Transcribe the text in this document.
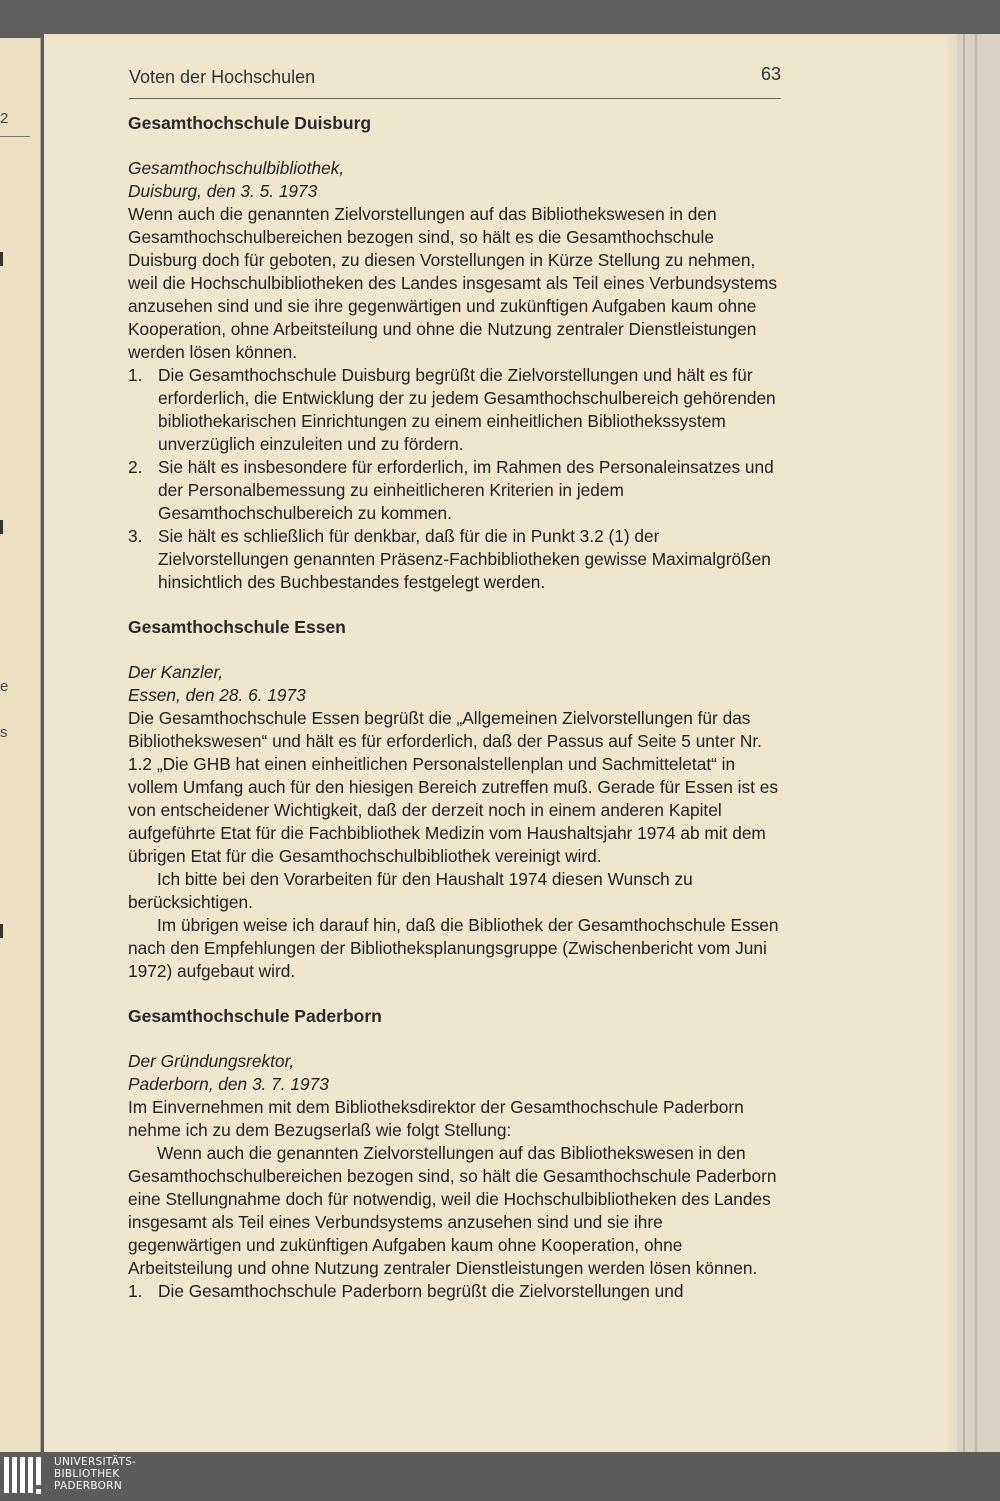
2
e
s
Voten der Hochschulen	63
Gesamthochschule Duisburg

Gesamthochschulbibliothek,

Duisburg, den 3. 5. 1973

Wenn auch die genannten Zielvorstellungen auf das Bibliothekswesen in den Gesamthochschulbereichen bezogen sind, so hält es die Gesamthochschule Duisburg doch für geboten, zu diesen Vorstellungen in Kürze Stellung zu nehmen, weil die Hochschulbibliotheken des Landes insgesamt als Teil eines Verbundsystems anzusehen sind und sie ihre gegenwärtigen und zukünftigen Aufgaben kaum ohne Kooperation, ohne Arbeitsteilung und ohne die Nutzung zentraler Dienstleistungen werden lösen können.

1. Die Gesamthochschule Duisburg begrüßt die Zielvorstellungen und hält es für erforderlich, die Entwicklung der zu jedem Gesamthochschulbereich gehörenden bibliothekarischen Einrichtungen zu einem einheitlichen Bibliothekssystem unverzüglich einzuleiten und zu fördern.
2. Sie hält es insbesondere für erforderlich, im Rahmen des Personaleinsatzes und der Personalbemessung zu einheitlicheren Kriterien in jedem Gesamthochschulbereich zu kommen.
3. Sie hält es schließlich für denkbar, daß für die in Punkt 3.2 (1) der Zielvorstellungen genannten Präsenz-Fachbibliotheken gewisse Maximalgrößen hinsichtlich des Buchbestandes festgelegt werden.
Gesamthochschule Essen

Der Kanzler,

Essen, den 28. 6. 1973

Die Gesamthochschule Essen begrüßt die „Allgemeinen Zielvorstellungen für das Bibliothekswesen“ und hält es für erforderlich, daß der Passus auf Seite 5 unter Nr. 1.2 „Die GHB hat einen einheitlichen Personalstellenplan und Sachmitteletat“ in vollem Umfang auch für den hiesigen Bereich zutreffen muß. Gerade für Essen ist es von entscheidener Wichtigkeit, daß der derzeit noch in einem anderen Kapitel aufgeführte Etat für die Fachbibliothek Medizin vom Haushaltsjahr 1974 ab mit dem übrigen Etat für die Gesamthochschulbibliothek vereinigt wird.

Ich bitte bei den Vorarbeiten für den Haushalt 1974 diesen Wunsch zu berücksichtigen.

Im übrigen weise ich darauf hin, daß die Bibliothek der Gesamthochschule Essen nach den Empfehlungen der Bibliotheksplanungsgruppe (Zwischenbericht vom Juni 1972) aufgebaut wird.

Gesamthochschule Paderborn

Der Gründungsrektor,

Paderborn, den 3. 7. 1973

Im Einvernehmen mit dem Bibliotheksdirektor der Gesamthochschule Paderborn nehme ich zu dem Bezugserlaß wie folgt Stellung:

Wenn auch die genannten Zielvorstellungen auf das Bibliothekswesen in den Gesamthochschulbereichen bezogen sind, so hält die Gesamthochschule Paderborn eine Stellungnahme doch für notwendig, weil die Hochschulbibliotheken des Landes insgesamt als Teil eines Verbundsystems anzusehen sind und sie ihre gegenwärtigen und zukünftigen Aufgaben kaum ohne Kooperation, ohne Arbeitsteilung und ohne Nutzung zentraler Dienstleistungen werden lösen können.

1. Die Gesamthochschule Paderborn begrüßt die Zielvorstellungen und
UNIVERSITÄTS-
BIBLIOTHEK
PADERBORN
